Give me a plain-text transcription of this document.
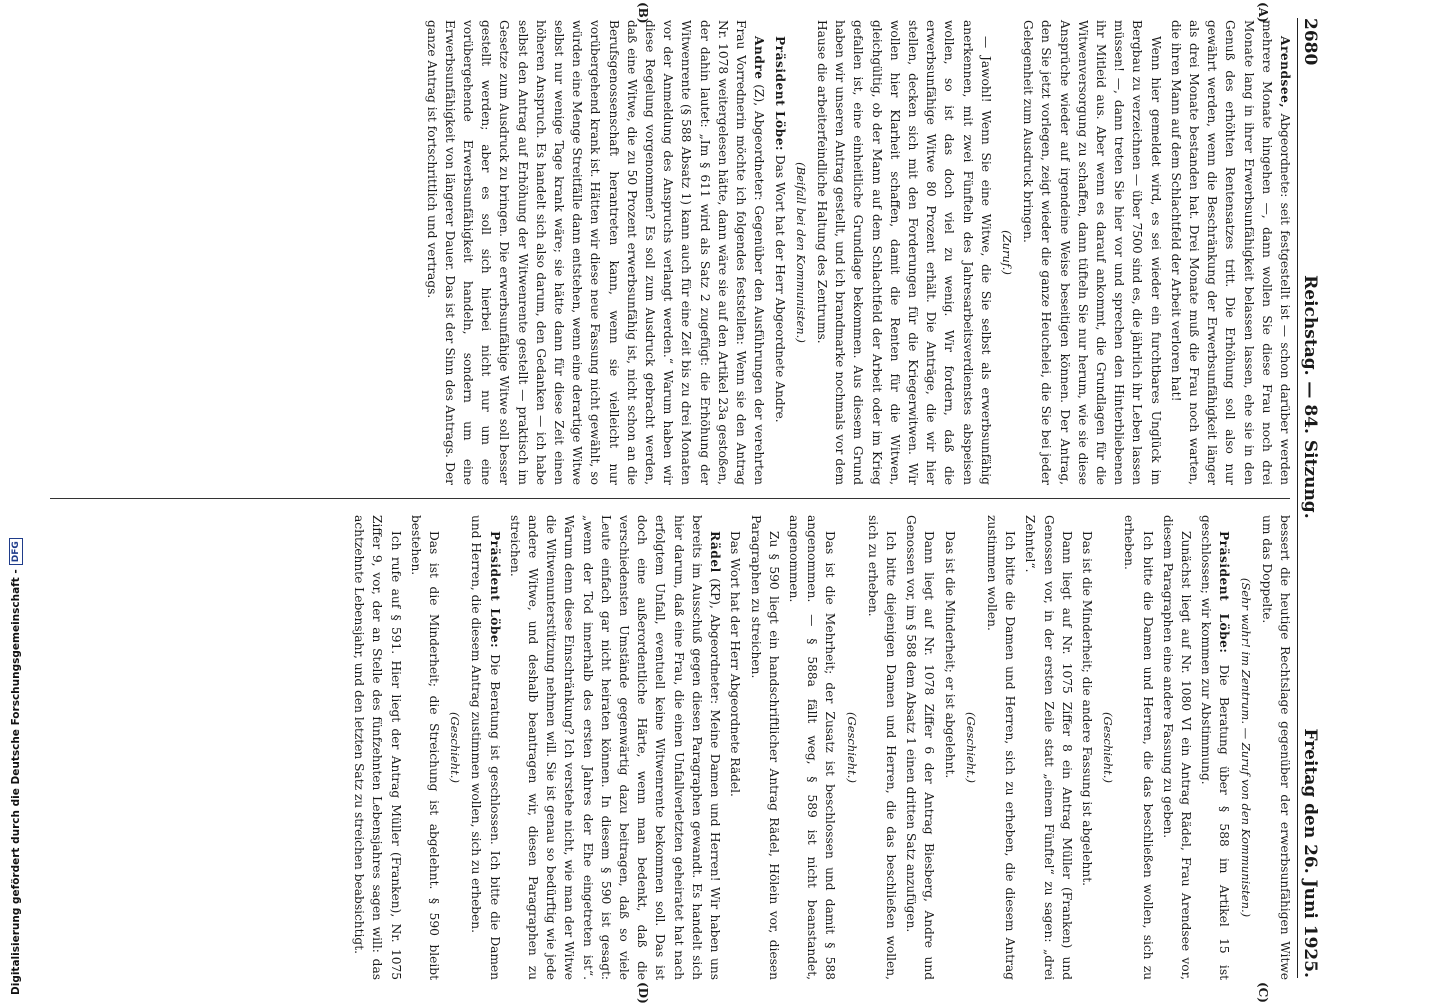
2680
Reichstag. — 84. Sitzung.
Freitag den 26. Juni 1925.
(A)
(B)
(C)
(D)

Arendsee, Abgeordnete: seit festgestellt ist — schon darüber werden mehrere Monate hingehen —, dann wollen Sie diese Frau noch drei Monate lang in ihrer Erwerbsunfähigkeit belassen lassen, ehe sie in den Genuß des erhöhten Rentensatzes tritt. Die Erhöhung soll also nur gewährt werden, wenn die Beschränkung der Erwerbsunfähigkeit länger als drei Monate bestanden hat. Drei Monate muß die Frau noch warten, die ihren Mann auf dem Schlachtfeld der Arbeit verloren hat!

Wenn hier gemeldet wird, es sei wieder ein furchtbares Unglück im Bergbau zu verzeichnen — über 7500 sind es, die jährlich ihr Leben lassen müssen! —, dann treten Sie hier vor und sprechen den Hinterbliebenen ihr Mitleid aus. Aber wenn es darauf ankommt, die Grundlagen für die Witwenversorgung zu schaffen, dann tüfteln Sie nur herum, wie sie diese Ansprüche wieder auf irgendeine Weise beseitigen können. Der Antrag, den Sie jetzt vorlegen, zeigt wieder die ganze Heuchelei, die Sie bei jeder Gelegenheit zum Ausdruck bringen.

(Zuruf.)

— Jawohl! Wenn Sie eine Witwe, die Sie selbst als erwerbsunfähig anerkennen, mit zwei Fünfteln des Jahresarbeitsverdienstes abspeisen wollen, so ist das doch viel zu wenig. Wir fordern, daß die erwerbsunfähige Witwe 80 Prozent erhält. Die Anträge, die wir hier stellen, decken sich mit den Forderungen für die Kriegerwitwen. Wir wollen hier Klarheit schaffen, damit die Renten für die Witwen, gleichgültig, ob der Mann auf dem Schlachtfeld der Arbeit oder im Krieg gefallen ist, eine einheitliche Grundlage bekommen. Aus diesem Grund haben wir unseren Antrag gestellt, und ich brandmarke nochmals vor dem Hause die arbeiterfeindliche Haltung des Zentrums.

(Beifall bei den Kommunisten.)

Präsident Löbe: Das Wort hat der Herr Abgeordnete Andre.

Andre (Z), Abgeordneter: Gegenüber den Ausführungen der verehrten Frau Vorrednerin möchte ich folgendes feststellen: Wenn sie den Antrag Nr. 1078 weitergelesen hätte, dann wäre sie auf den Artikel 23a gestoßen, der dahin lautet: „Im § 611 wird als Satz 2 zugefügt: die Erhöhung der Witwenrente (§ 588 Absatz 1) kann auch für eine Zeit bis zu drei Monaten vor der Anmeldung des Anspruchs verlangt werden.“ Warum haben wir diese Regelung vorgenommen? Es soll zum Ausdruck gebracht werden, daß eine Witwe, die zu 50 Prozent erwerbsunfähig ist, nicht schon an die Berufsgenossenschaft herantreten kann, wenn sie vielleicht nur vorübergehend krank ist. Hätten wir diese neue Fassung nicht gewählt, so würden eine Menge Streitfälle dann entstehen, wenn eine derartige Witwe selbst nur wenige Tage krank wäre; sie hätte dann für diese Zeit einen höheren Anspruch. Es handelt sich also darum, den Gedanken — ich habe selbst den Antrag auf Erhöhung der Witwenrente gestellt — praktisch im Gesetze zum Ausdruck zu bringen. Die erwerbsunfähige Witwe soll besser gestellt werden; aber es soll sich hierbei nicht nur um eine vorübergehende Erwerbsunfähigkeit handeln, sondern um eine Erwerbsunfähigkeit von längerer Dauer. Das ist der Sinn des Antrags. Der ganze Antrag ist fortschrittlich und vertrags.

bessert die heutige Rechtslage gegenüber der erwerbsunfähigen Witwe um das Doppelte.

(Sehr wahr! im Zentrum. — Zuruf von den Kommunisten.)

Präsident Löbe: Die Beratung über § 588 im Artikel 15 ist geschlossen; wir kommen zur Abstimmung.

Zunächst liegt auf Nr. 1080 VI ein Antrag Rädel, Frau Arendsee vor, diesem Paragraphen eine andere Fassung zu geben.

Ich bitte die Damen und Herren, die das beschließen wollen, sich zu erheben.

(Geschieht.)

Das ist die Minderheit; die andere Fassung ist abgelehnt.

Dann liegt auf Nr. 1075 Ziffer 8 ein Antrag Müller (Franken) und Genossen vor, in der ersten Zeile statt „einem Fünftel“ zu sagen: „drei Zehntel“.

Ich bitte die Damen und Herren, sich zu erheben, die diesem Antrag zustimmen wollen.

(Geschieht.)

Das ist die Minderheit; er ist abgelehnt.

Dann liegt auf Nr. 1078 Ziffer 6 der Antrag Biesberg, Andre und Genossen vor, im § 588 dem Absatz 1 einen dritten Satz anzufügen.

Ich bitte diejenigen Damen und Herren, die das beschließen wollen, sich zu erheben.

(Geschieht.)

Das ist die Mehrheit; der Zusatz ist beschlossen und damit § 588 angenommen. — § 588a fällt weg, § 589 ist nicht beanstandet, angenommen.

Zu § 590 liegt ein handschriftlicher Antrag Rädel, Hölein vor, diesen Paragraphen zu streichen.

Das Wort hat der Herr Abgeordnete Rädel.

Rädel (KP), Abgeordneter: Meine Damen und Herren! Wir haben uns bereits im Ausschuß gegen diesen Paragraphen gewandt. Es handelt sich hier darum, daß eine Frau, die einen Unfallverletzten geheiratet hat nach erfolgtem Unfall, eventuell keine Witwenrente bekommen soll. Das ist doch eine außerordentliche Härte, wenn man bedenkt, daß die verschiedensten Umstände gegenwärtig dazu beitragen, daß so viele Leute einfach gar nicht heiraten können. In diesem § 590 ist gesagt: „wenn der Tod innerhalb des ersten Jahres der Ehe eingetreten ist“. Warum denn diese Einschränkung? Ich verstehe nicht, wie man der Witwe die Witwenunterstützung nehmen will. Sie ist genau so bedürftig wie jede andere Witwe, und deshalb beantragen wir, diesen Paragraphen zu streichen.

Präsident Löbe: Die Beratung ist geschlossen. Ich bitte die Damen und Herren, die diesem Antrag zustimmen wollen, sich zu erheben.

(Geschieht.)

Das ist die Minderheit; die Streichung ist abgelehnt. § 590 bleibt bestehen.

Ich rufe auf § 591. Hier liegt der Antrag Müller (Franken), Nr. 1075 Ziffer 9, vor, der an Stelle des fünfzehnten Lebensjahres sagen will: das achtzehnte Lebensjahr, und den letzten Satz zu streichen beabsichtigt.

Digitalisierung gefördert durch die Deutsche Forschungsgemeinschaft -
DFG
